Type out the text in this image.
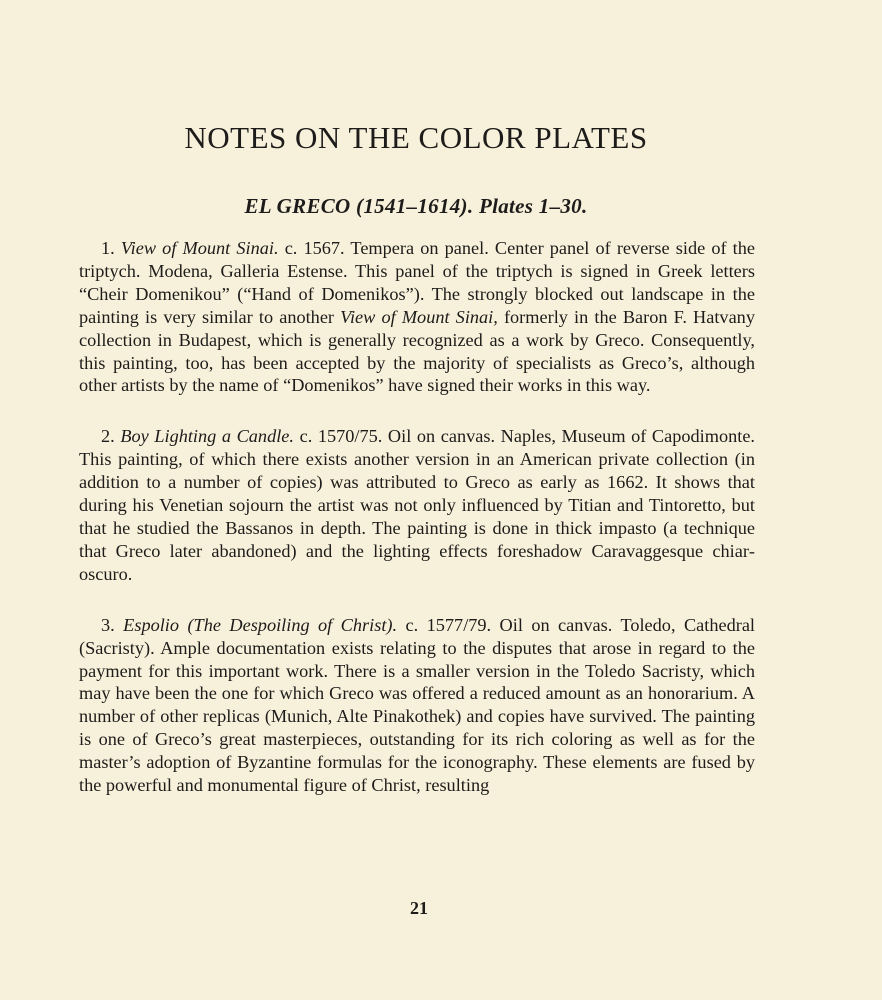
NOTES ON THE COLOR PLATES
EL GRECO (1541–1614). Plates 1–30.

1. View of Mount Sinai. c. 1567. Tempera on panel. Center panel of reverse side of the triptych. Modena, Galleria Estense. This panel of the triptych is signed in Greek letters “Cheir Domenikou” (“Hand of Domenikos”). The strongly blocked out landscape in the painting is very similar to another View of Mount Sinai, formerly in the Baron F. Hatvany collection in Budapest, which is generally recognized as a work by Greco. Consequently, this painting, too, has been accepted by the majority of specialists as Greco’s, although other artists by the name of “Domenikos” have signed their works in this way.

2. Boy Lighting a Candle. c. 1570/75. Oil on canvas. Naples, Museum of Capodimonte. This painting, of which there exists another version in an American private collection (in addition to a number of copies) was attributed to Greco as early as 1662. It shows that during his Venetian sojourn the artist was not only influenced by Titian and Tintoretto, but that he studied the Bassanos in depth. The painting is done in thick impasto (a technique that Greco later abandoned) and the lighting effects foreshadow Caravaggesque chiaroscuro.

3. Espolio (The Despoiling of Christ). c. 1577/79. Oil on canvas. Toledo, Cathedral (Sacristy). Ample documentation exists relating to the disputes that arose in regard to the payment for this important work. There is a smaller version in the Toledo Sacristy, which may have been the one for which Greco was offered a reduced amount as an honorarium. A number of other replicas (Munich, Alte Pinakothek) and copies have survived. The painting is one of Greco’s great masterpieces, outstanding for its rich coloring as well as for the master’s adoption of Byzantine formulas for the iconography. These elements are fused by the powerful and monumental figure of Christ, resulting

21
